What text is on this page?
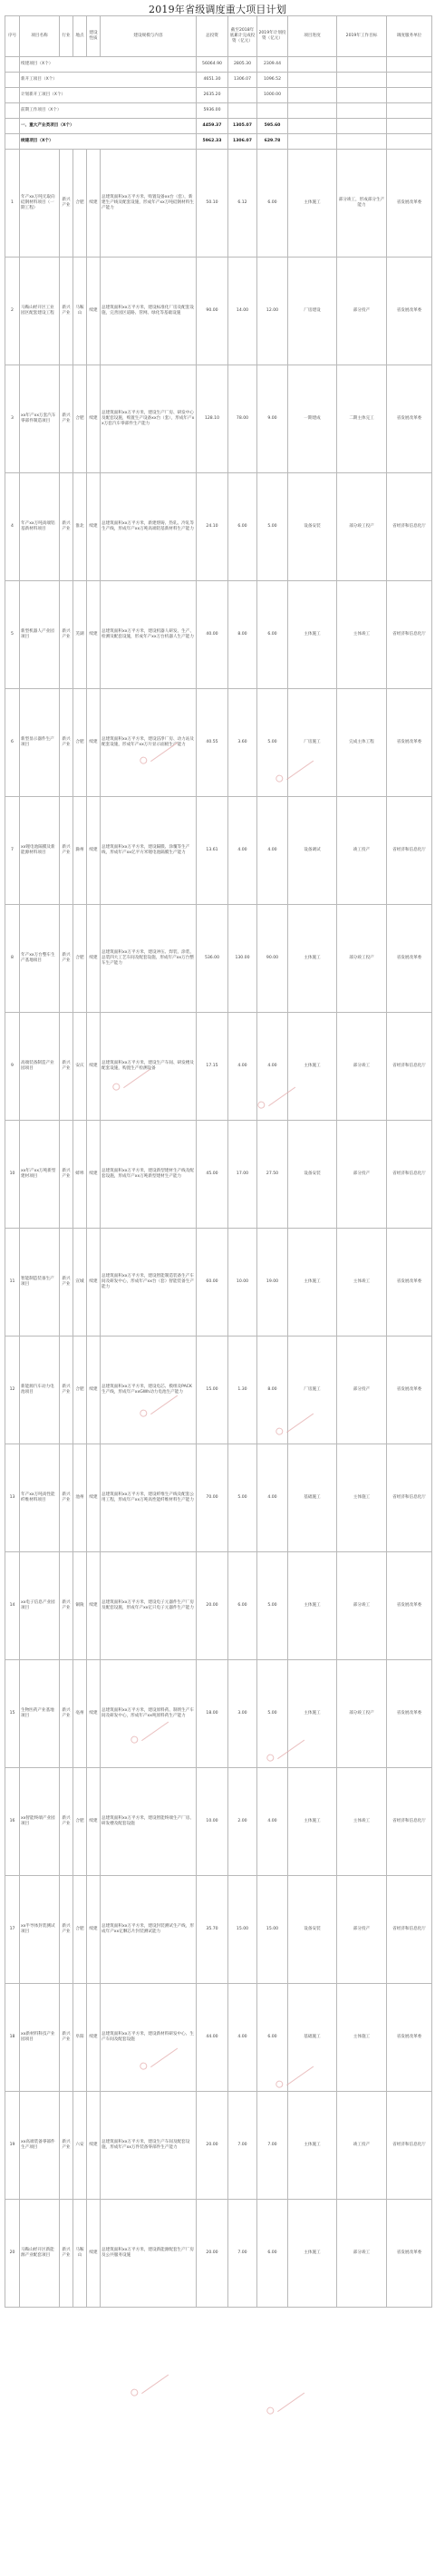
2019年省级调度重大项目计划
序号	项目名称	行业	地点	建设性质	建设规模与内容	总投资	截至2018年底累计完成投资（亿元）	2019年计划投资（亿元）	项目进度	2019年工作目标	调度服务单位
	续建项目（X个）					56064.90	2805.30	2309.44			
	新开工项目（X个）					4651.30	1306.07	1096.52			
	计划新开工项目（X个）					2635.20		1000.00			
	前期工作项目（X个）					5936.00					
	一、重大产业类项目（X个）					4459.37	1305.07	595.60			
	续建项目（X个）					5962.33	1306.07	629.78			
1	年产xx万吨无取向硅钢材料项目（一期工程）	新兴产业	合肥	续建	总建筑面积xx万平方米，购置设备xx台（套），新建生产线及配套设施，形成年产xx万吨硅钢材料生产能力	50.10	6.12	6.00	主体施工	部分竣工，形成部分生产能力	省发展改革委
2	马鞍山经开区工业园区配套建设工程	新兴产业	马鞍山	续建	总建筑面积xx万平方米，建设标准化厂房及配套设施，完善园区道路、管网、绿化等基础设施	90.00	14.00	12.00	厂房建设	部分投产	省发展改革委
3	xx年产xx万套汽车零部件制造项目	新兴产业	合肥	续建	总建筑面积xx万平方米，建设生产厂房、研发中心及配套设施，购置生产设备xx台（套），形成年产xx万套汽车零部件生产能力	128.10	78.00	9.00	一期建成	二期主体完工	省发展改革委
4	年产xx万吨高端铝基新材料项目	新兴产业	淮北	续建	总建筑面积xx万平方米，新建熔铸、热轧、冷轧等生产线，形成年产xx万吨高端铝基新材料生产能力	24.10	6.00	5.00	设备安装	部分竣工投产	省经济和信息化厅
5	新型机器人产业园项目	新兴产业	芜湖	续建	总建筑面积xx万平方米，建设机器人研发、生产、检测及配套设施，形成年产xx万台机器人生产能力	40.00	8.00	6.00	主体施工	主体竣工	省经济和信息化厅
6	新型显示器件生产项目	新兴产业	合肥	续建	总建筑面积xx万平方米，建设洁净厂房、动力站及配套设施，形成年产xx万片显示面板生产能力	40.55	3.60	5.00	厂房施工	完成主体工程	省发展改革委
7	xx锂电池隔膜及新能源材料项目	新兴产业	滁州	续建	总建筑面积xx万平方米，建设隔膜、涂覆等生产线，形成年产xx亿平方米锂电池隔膜生产能力	13.61	4.00	4.00	设备调试	竣工投产	省经济和信息化厅
8	年产xx万台整车生产基地项目	新兴产业	合肥	续建	总建筑面积xx万平方米，建设冲压、焊装、涂装、总装四大工艺车间及配套设施，形成年产xx万台整车生产能力	536.00	130.00	90.00	主体施工	部分竣工投产	省发展改革委
9	高端装备制造产业园项目	新兴产业	安庆	续建	总建筑面积xx万平方米，建设生产车间、研发楼及配套设施，购置生产检测设备	17.15	4.00	4.00	主体施工	部分竣工	省经济和信息化厅
10	xx年产xx万吨新型建材项目	新兴产业	蚌埠	续建	总建筑面积xx万平方米，建设新型建材生产线及配套设施，形成年产xx万吨新型建材生产能力	45.00	17.00	27.50	设备安装	部分投产	省经济和信息化厅
11	智能制造装备生产项目	新兴产业	宣城	续建	总建筑面积xx万平方米，建设智能制造装备生产车间及研发中心，形成年产xx台（套）智能装备生产能力	60.00	10.00	19.00	主体施工	主体竣工	省发展改革委
12	新能源汽车动力电池项目	新兴产业	合肥	续建	总建筑面积xx万平方米，建设电芯、模组及PACK生产线，形成年产xxGWh动力电池生产能力	15.00	1.30	8.00	厂房施工	部分投产	省发展改革委
13	年产xx万吨高性能纤维材料项目	新兴产业	池州	续建	总建筑面积xx万平方米，建设纤维生产线及配套公用工程，形成年产xx万吨高性能纤维材料生产能力	70.00	5.00	4.00	基础施工	主体施工	省经济和信息化厅
14	xx电子信息产业园项目	新兴产业	铜陵	续建	总建筑面积xx万平方米，建设电子元器件生产厂房及配套设施，形成年产xx亿只电子元器件生产能力	20.00	6.00	5.00	主体施工	部分竣工	省发展改革委
15	生物医药产业基地项目	新兴产业	亳州	续建	总建筑面积xx万平方米，建设原料药、制剂生产车间及研发中心，形成年产xx吨原料药生产能力	18.00	3.00	5.00	主体施工	部分竣工投产	省发展改革委
16	xx智能终端产业园项目	新兴产业	合肥	续建	总建筑面积xx万平方米，建设智能终端生产厂房、研发楼及配套设施	10.00	2.00	4.00	主体施工	主体竣工	省经济和信息化厅
17	xx半导体封装测试项目	新兴产业	合肥	续建	总建筑面积xx万平方米，建设封装测试生产线，形成年产xx亿颗芯片封装测试能力	35.70	15.00	15.00	设备安装	部分投产	省经济和信息化厅
18	xx新材料科技产业园项目	新兴产业	阜阳	续建	总建筑面积xx万平方米，建设新材料研发中心、生产车间及配套设施	44.00	4.00	6.00	基础施工	主体施工	省发展改革委
19	xx高端装备零部件生产项目	新兴产业	六安	续建	总建筑面积xx万平方米，建设生产车间及配套设施，形成年产xx万件装备零部件生产能力	20.00	7.00	7.00	主体施工	竣工投产	省经济和信息化厅
20	马鞍山经开区新能源产业配套项目	新兴产业	马鞍山	续建	总建筑面积xx万平方米，建设新能源配套生产厂房及公共服务设施	20.00	7.00	6.00	主体施工	部分竣工	省发展改革委
